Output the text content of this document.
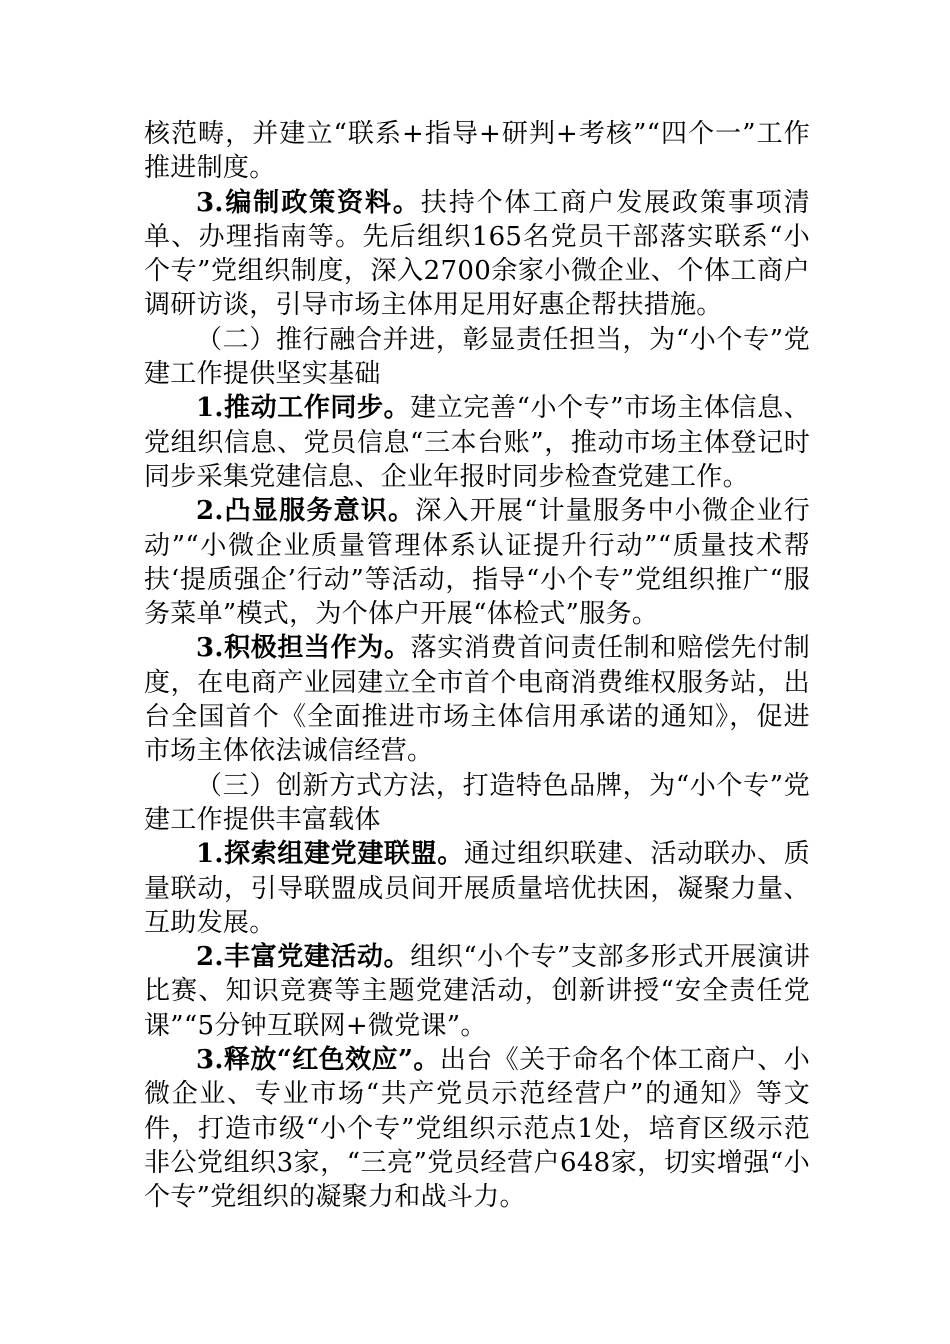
核范畴，并建立“联系+指导+研判+考核”“四个一”工作推进制度。

3.编制政策资料。扶持个体工商户发展政策事项清单、办理指南等。先后组织165名党员干部落实联系“小个专”党组织制度，深入2700余家小微企业、个体工商户调研访谈，引导市场主体用足用好惠企帮扶措施。

（二）推行融合并进，彰显责任担当，为“小个专”党建工作提供坚实基础

1.推动工作同步。建立完善“小个专”市场主体信息、党组织信息、党员信息“三本台账”，推动市场主体登记时同步采集党建信息、企业年报时同步检查党建工作。

2.凸显服务意识。深入开展“计量服务中小微企业行动”“小微企业质量管理体系认证提升行动”“质量技术帮扶‘提质强企’行动”等活动，指导“小个专”党组织推广“服务菜单”模式，为个体户开展“体检式”服务。

3.积极担当作为。落实消费首问责任制和赔偿先付制度，在电商产业园建立全市首个电商消费维权服务站，出台全国首个《全面推进市场主体信用承诺的通知》，促进市场主体依法诚信经营。

（三）创新方式方法，打造特色品牌，为“小个专”党建工作提供丰富载体

1.探索组建党建联盟。通过组织联建、活动联办、质量联动，引导联盟成员间开展质量培优扶困，凝聚力量、互助发展。

2.丰富党建活动。组织“小个专”支部多形式开展演讲比赛、知识竞赛等主题党建活动，创新讲授“安全责任党课”“5分钟互联网+微党课”。

3.释放“红色效应”。出台《关于命名个体工商户、小微企业、专业市场“共产党员示范经营户”的通知》等文件，打造市级“小个专”党组织示范点1处，培育区级示范非公党组织3家，“三亮”党员经营户648家，切实增强“小个专”党组织的凝聚力和战斗力。
